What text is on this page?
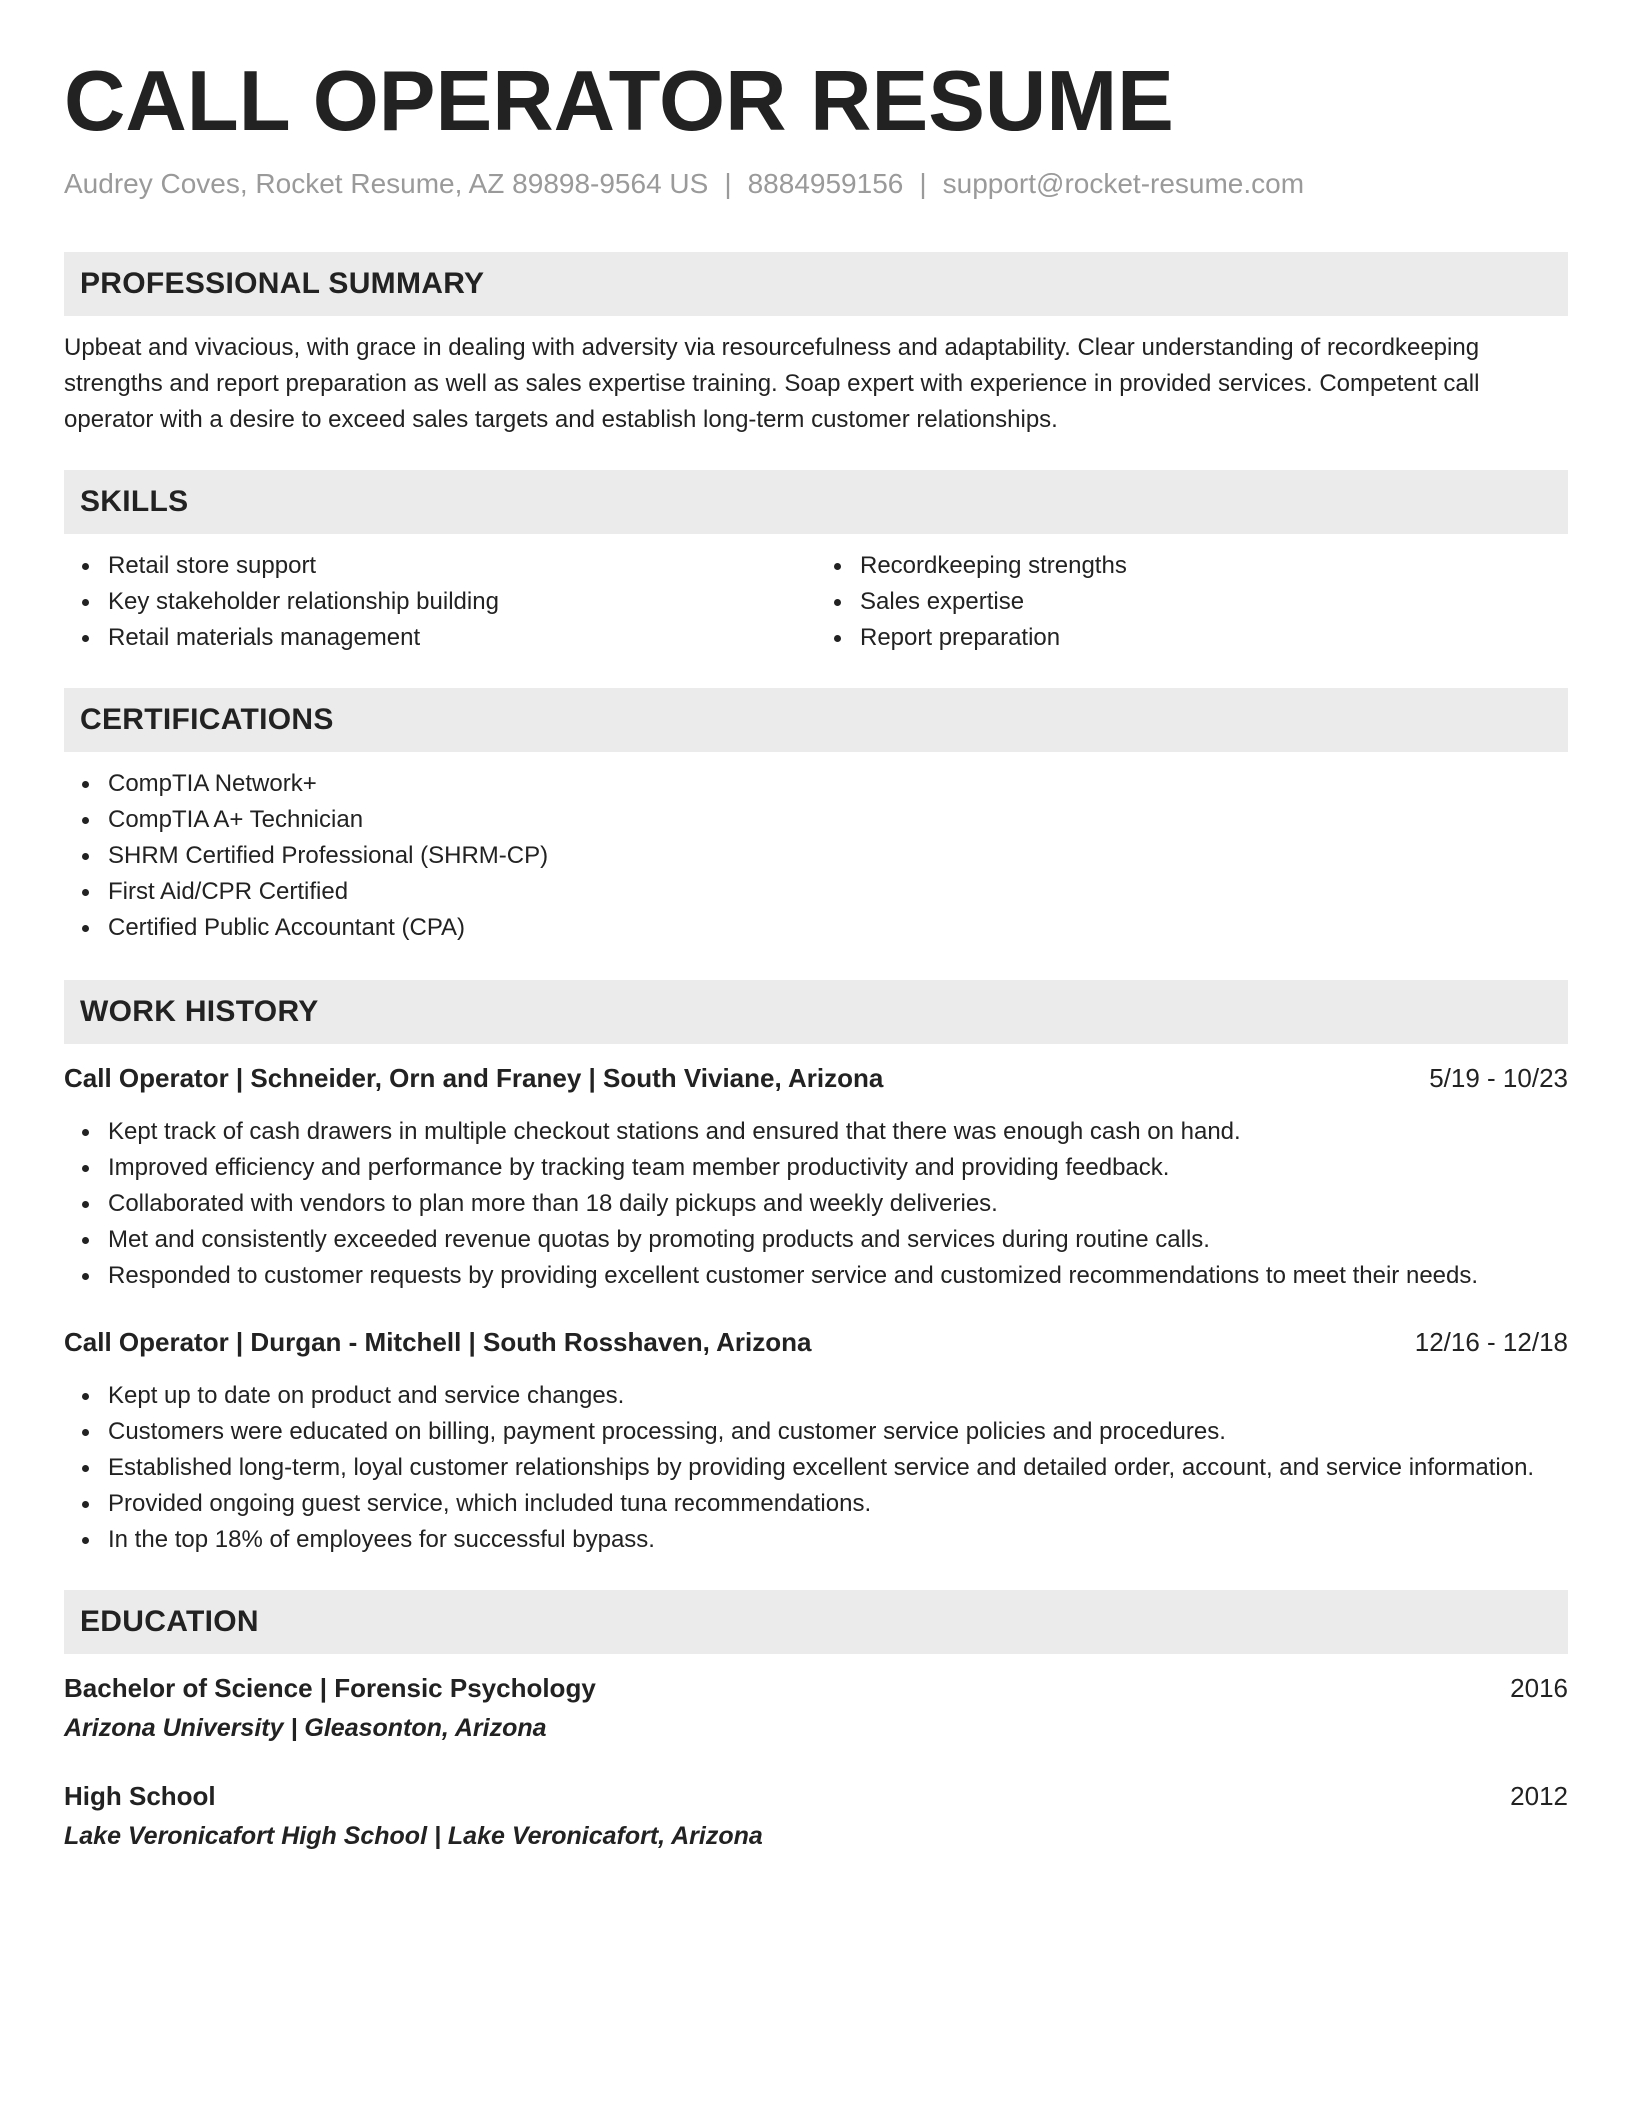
CALL OPERATOR RESUME
Audrey Coves, Rocket Resume, AZ 89898-9564 US | 8884959156 | support@rocket-resume.com
PROFESSIONAL SUMMARY

Upbeat and vivacious, with grace in dealing with adversity via resourcefulness and adaptability. Clear understanding of recordkeeping strengths and report preparation as well as sales expertise training. Soap expert with experience in provided services. Competent call operator with a desire to exceed sales targets and establish long-term customer relationships.

SKILLS
Retail store support
Key stakeholder relationship building
Retail materials management
Recordkeeping strengths
Sales expertise
Report preparation
CERTIFICATIONS
CompTIA Network+
CompTIA A+ Technician
SHRM Certified Professional (SHRM-CP)
First Aid/CPR Certified
Certified Public Accountant (CPA)
WORK HISTORY
Call Operator | Schneider, Orn and Franey | South Viviane, Arizona	5/19 - 10/23
Kept track of cash drawers in multiple checkout stations and ensured that there was enough cash on hand.
Improved efficiency and performance by tracking team member productivity and providing feedback.
Collaborated with vendors to plan more than 18 daily pickups and weekly deliveries.
Met and consistently exceeded revenue quotas by promoting products and services during routine calls.
Responded to customer requests by providing excellent customer service and customized recommendations to meet their needs.
Call Operator | Durgan - Mitchell | South Rosshaven, Arizona	12/16 - 12/18
Kept up to date on product and service changes.
Customers were educated on billing, payment processing, and customer service policies and procedures.
Established long-term, loyal customer relationships by providing excellent service and detailed order, account, and service information.
Provided ongoing guest service, which included tuna recommendations.
In the top 18% of employees for successful bypass.
EDUCATION
Bachelor of Science | Forensic Psychology	2016
Arizona University | Gleasonton, Arizona
High School	2012
Lake Veronicafort High School | Lake Veronicafort, Arizona
